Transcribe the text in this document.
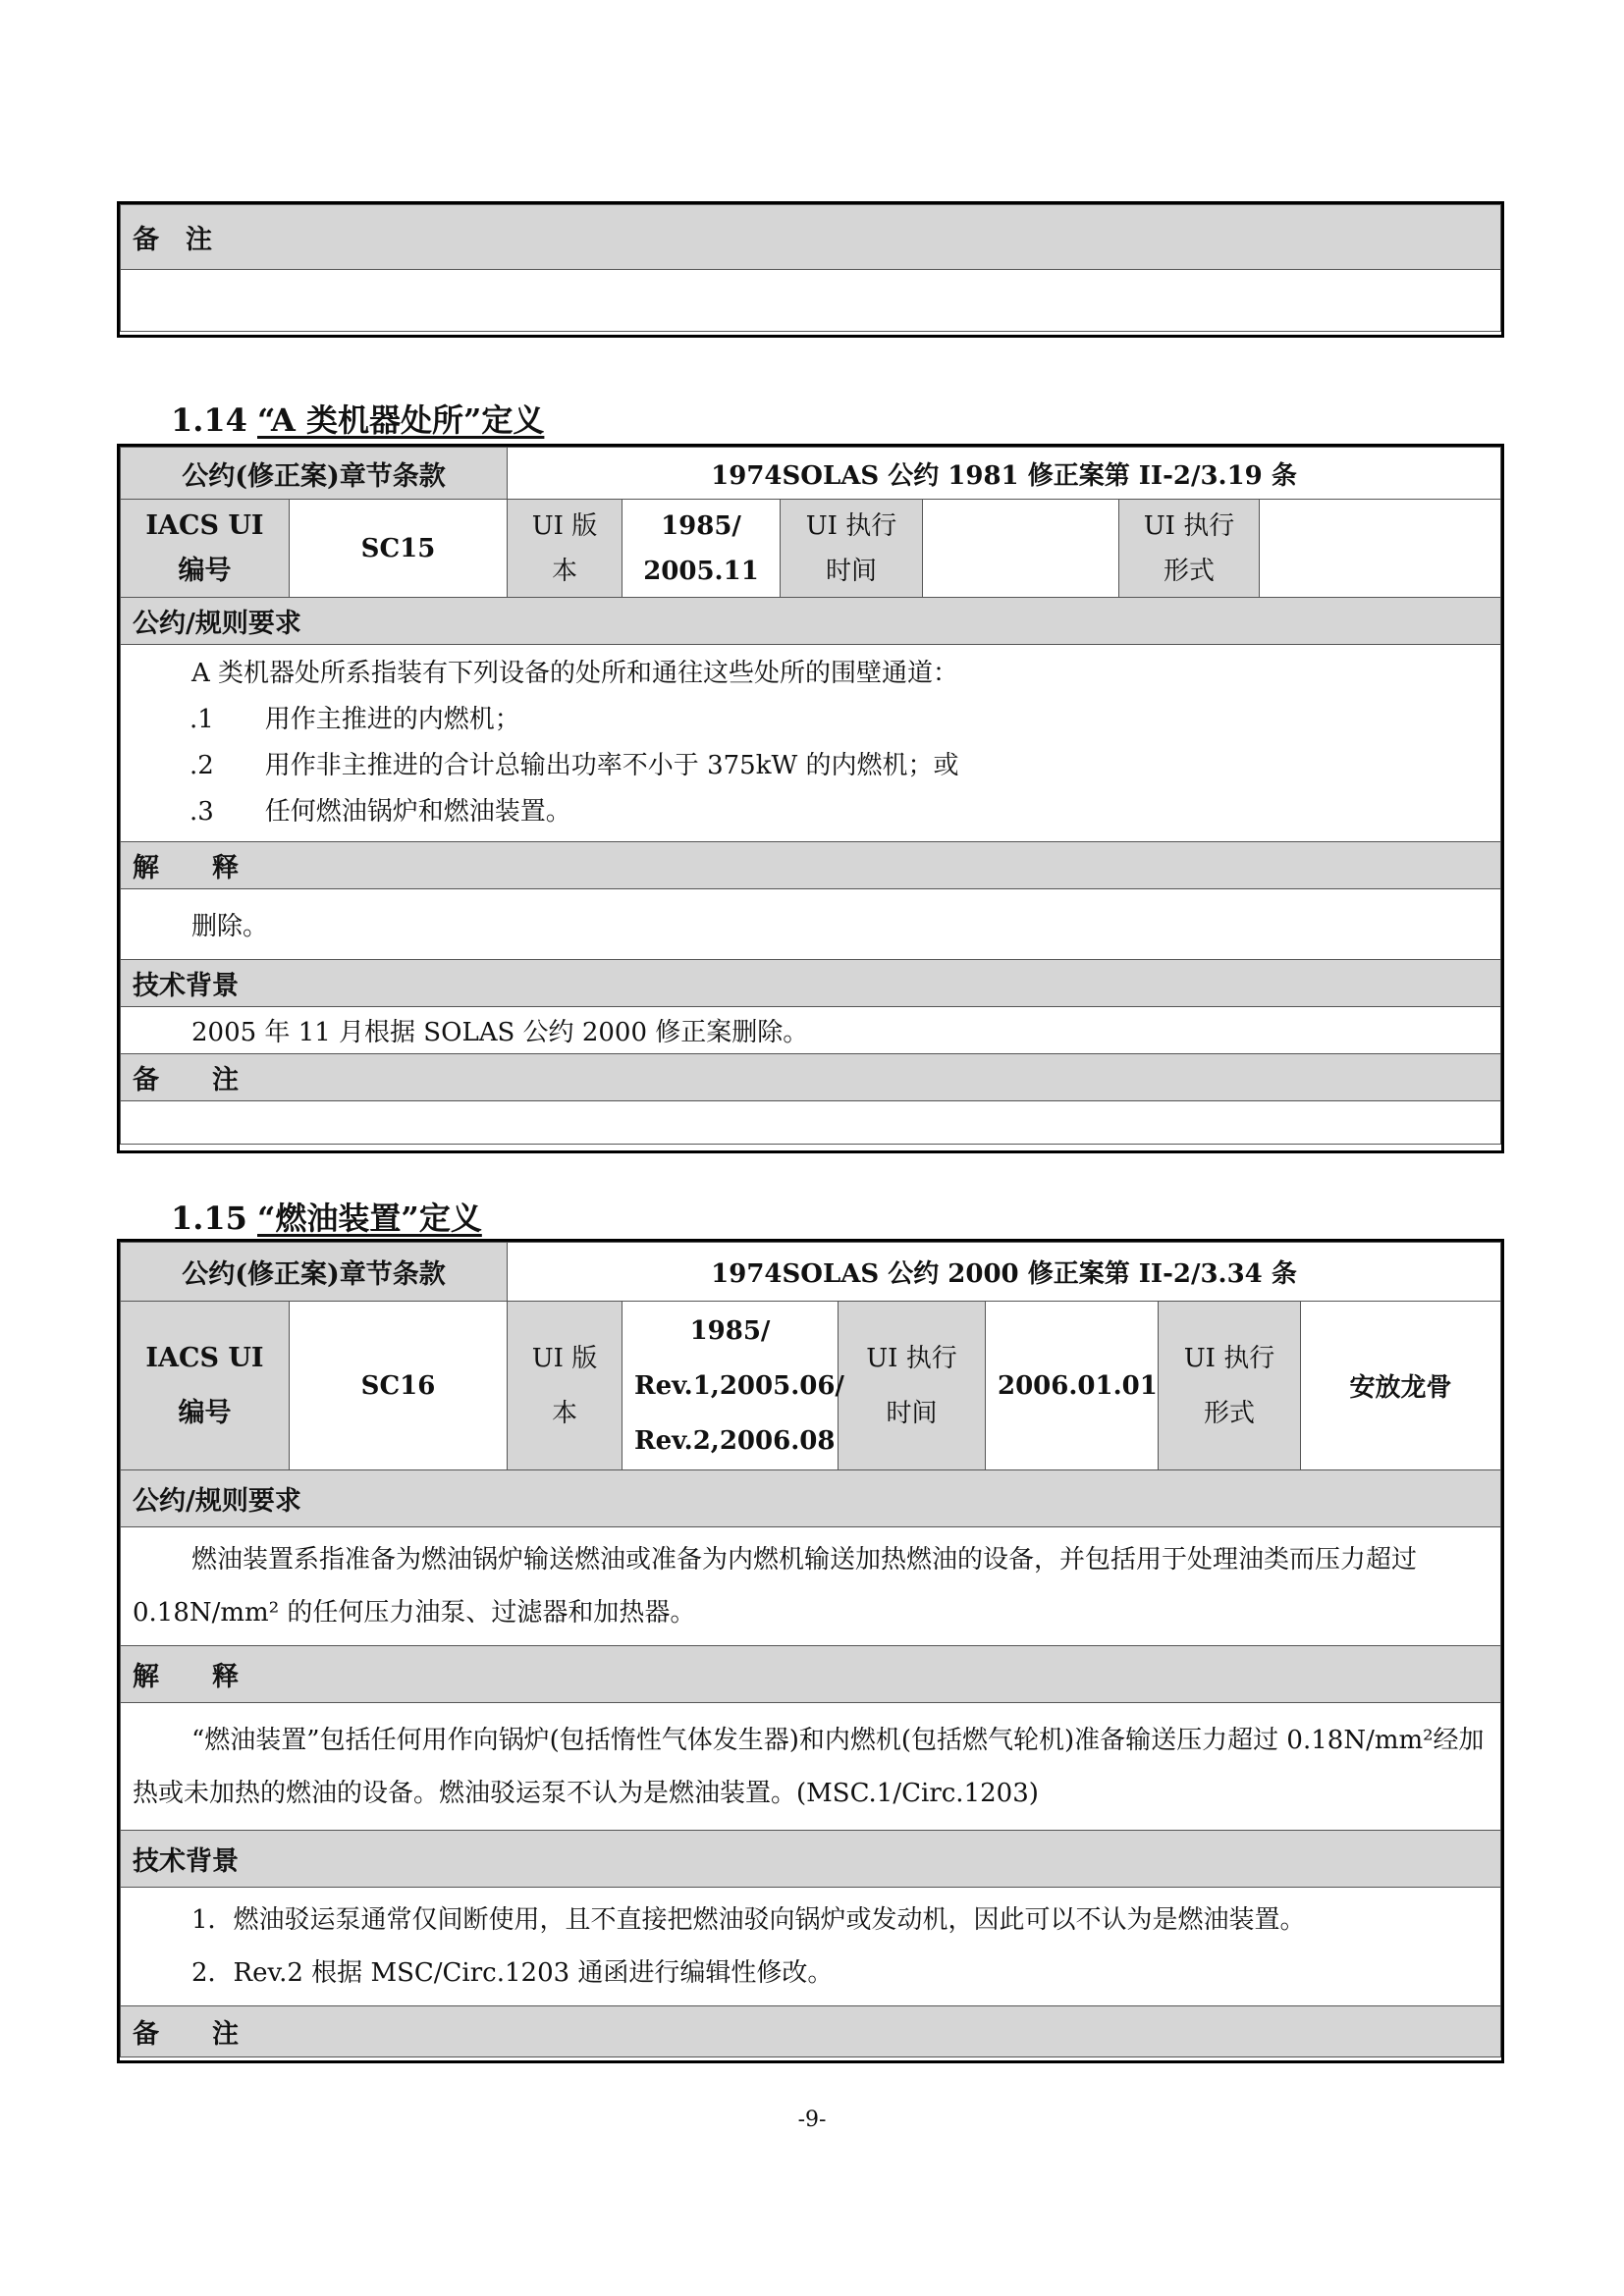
备　注

1.14 “A 类机器处所”定义
公约(修正案)章节条款		1974SOLAS 公约 1981 修正案第 II-2/3.19 条					
IACS UI 编号	SC15	UI 版本	1985/ 2005.11	UI 执行 时间		UI 执行 形式	
公约/规则要求							

A 类机器处所系指装有下列设备的处所和通往这些处所的围壁通道：
.1　　用作主推进的内燃机；
.2　　用作非主推进的合计总输出功率不小于 375kW 的内燃机；或
.3　　任何燃油锅炉和燃油装置。							

解　　释							
删除。							
技术背景							
2005 年 11 月根据 SOLAS 公约 2000 修正案删除。							
备　　注							

1.15 “燃油装置”定义
公约(修正案)章节条款		1974SOLAS 公约 2000 修正案第 II-2/3.34 条					
IACS UI 编号	SC16	UI 版本	1985/ Rev.1,2005.06/ Rev.2,2006.08	UI 执行 时间	2006.01.01	UI 执行 形式	安放龙骨
公约/规则要求							

燃油装置系指准备为燃油锅炉输送燃油或准备为内燃机输送加热燃油的设备，并包括用于处理油类而压力超过 0.18N/mm² 的任何压力油泵、过滤器和加热器。							

解　　释							

“燃油装置”包括任何用作向锅炉(包括惰性气体发生器)和内燃机(包括燃气轮机)准备输送压力超过 0.18N/mm²经加热或未加热的燃油的设备。燃油驳运泵不认为是燃油装置。(MSC.1/Circ.1203)							

技术背景							

1．燃油驳运泵通常仅间断使用，且不直接把燃油驳向锅炉或发动机，因此可以不认为是燃油装置。
2．Rev.2 根据 MSC/Circ.1203 通函进行编辑性修改。							

备　　注							
-9-
